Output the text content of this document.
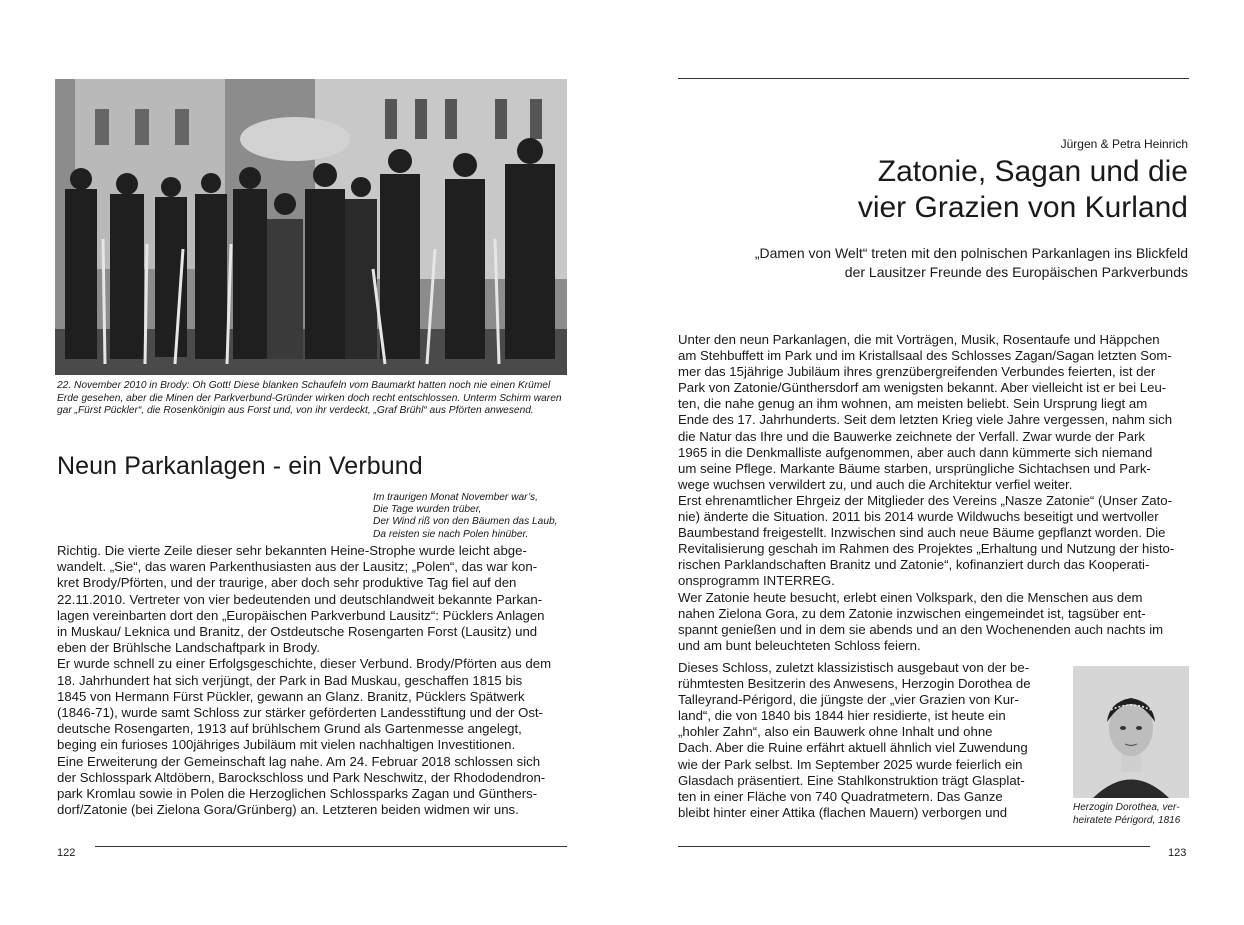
22. November 2010 in Brody: Oh Gott! Diese blanken Schaufeln vom Baumarkt hatten noch nie einen Krümel
Erde gesehen, aber die Minen der Parkverbund-Gründer wirken doch recht entschlossen. Unterm Schirm waren
gar „Fürst Pückler“, die Rosenkönigin aus Forst und, von ihr verdeckt, „Graf Brühl“ aus Pförten anwesend.
Neun Parkanlagen - ein Verbund
Im traurigen Monat November war’s,
Die Tage wurden trüber,
Der Wind riß von den Bäumen das Laub,
Da reisten sie nach Polen hinüber.
Richtig. Die vierte Zeile dieser sehr bekannten Heine-Strophe wurde leicht abge-
wandelt. „Sie“, das waren Parkenthusiasten aus der Lausitz; „Polen“, das war kon-
kret Brody/Pförten, und der traurige, aber doch sehr produktive Tag fiel auf den
22.11.2010. Vertreter von vier bedeutenden und deutschlandweit bekannte Parkan-
lagen vereinbarten dort den „Europäischen Parkverbund Lausitz“: Pücklers Anlagen
in Muskau/ Leknica und Branitz, der Ostdeutsche Rosengarten Forst (Lausitz) und
eben der Brühlsche Landschaftpark in Brody.
Er wurde schnell zu einer Erfolgsgeschichte, dieser Verbund. Brody/Pförten aus dem
18. Jahrhundert hat sich verjüngt, der Park in Bad Muskau, geschaffen 1815 bis
1845 von Hermann Fürst Pückler, gewann an Glanz. Branitz, Pücklers Spätwerk
(1846-71), wurde samt Schloss zur stärker geförderten Landesstiftung und der Ost-
deutsche Rosengarten, 1913 auf brühlschem Grund als Gartenmesse angelegt,
beging ein furioses 100jähriges Jubiläum mit vielen nachhaltigen Investitionen.
Eine Erweiterung der Gemeinschaft lag nahe. Am 24. Februar 2018 schlossen sich
der Schlosspark Altdöbern, Barockschloss und Park Neschwitz, der Rhododendron-
park Kromlau sowie in Polen die Herzoglichen Schlossparks Zagan und Günthers-
dorf/Zatonie (bei Zielona Gora/Grünberg) an. Letzteren beiden widmen wir uns.
122
Jürgen & Petra Heinrich
Zatonie, Sagan und die
vier Grazien von Kurland
„Damen von Welt“ treten mit den polnischen Parkanlagen ins Blickfeld
der Lausitzer Freunde des Europäischen Parkverbunds
Unter den neun Parkanlagen, die mit Vorträgen, Musik, Rosentaufe und Häppchen
am Stehbuffett im Park und im Kristallsaal des Schlosses Zagan/Sagan letzten Som-
mer das 15jährige Jubiläum ihres grenzübergreifenden Verbundes feierten, ist der
Park von Zatonie/Günthersdorf am wenigsten bekannt. Aber vielleicht ist er bei Leu-
ten, die nahe genug an ihm wohnen, am meisten beliebt. Sein Ursprung liegt am
Ende des 17. Jahrhunderts. Seit dem letzten Krieg viele Jahre vergessen, nahm sich
die Natur das Ihre und die Bauwerke zeichnete der Verfall. Zwar wurde der Park
1965 in die Denkmalliste aufgenommen, aber auch dann kümmerte sich niemand
um seine Pflege. Markante Bäume starben, ursprüngliche Sichtachsen und Park-
wege wuchsen verwildert zu, und auch die Architektur verfiel weiter.
Erst ehrenamtlicher Ehrgeiz der Mitglieder des Vereins „Nasze Zatonie“ (Unser Zato-
nie) änderte die Situation. 2011 bis 2014 wurde Wildwuchs beseitigt und wertvoller
Baumbestand freigestellt. Inzwischen sind auch neue Bäume gepflanzt worden. Die
Revitalisierung geschah im Rahmen des Projektes „Erhaltung und Nutzung der histo-
rischen Parklandschaften Branitz und Zatonie“, kofinanziert durch das Kooperati-
onsprogramm INTERREG.
Wer Zatonie heute besucht, erlebt einen Volkspark, den die Menschen aus dem
nahen Zielona Gora, zu dem Zatonie inzwischen eingemeindet ist, tagsüber ent-
spannt genießen und in dem sie abends und an den Wochenenden auch nachts im
und am bunt beleuchteten Schloss feiern.
Dieses Schloss, zuletzt klassizistisch ausgebaut von der be-
rühmtesten Besitzerin des Anwesens, Herzogin Dorothea de
Talleyrand-Périgord, die jüngste der „vier Grazien von Kur-
land“, die von 1840 bis 1844 hier residierte, ist heute ein
„hohler Zahn“, also ein Bauwerk ohne Inhalt und ohne
Dach. Aber die Ruine erfährt aktuell ähnlich viel Zuwendung
wie der Park selbst. Im September 2025 wurde feierlich ein
Glasdach präsentiert. Eine Stahlkonstruktion trägt Glasplat-
ten in einer Fläche von 740 Quadratmetern. Das Ganze
bleibt hinter einer Attika (flachen Mauern) verborgen und	Herzogin Dorothea, ver-
heiratete Périgord, 1816
123
